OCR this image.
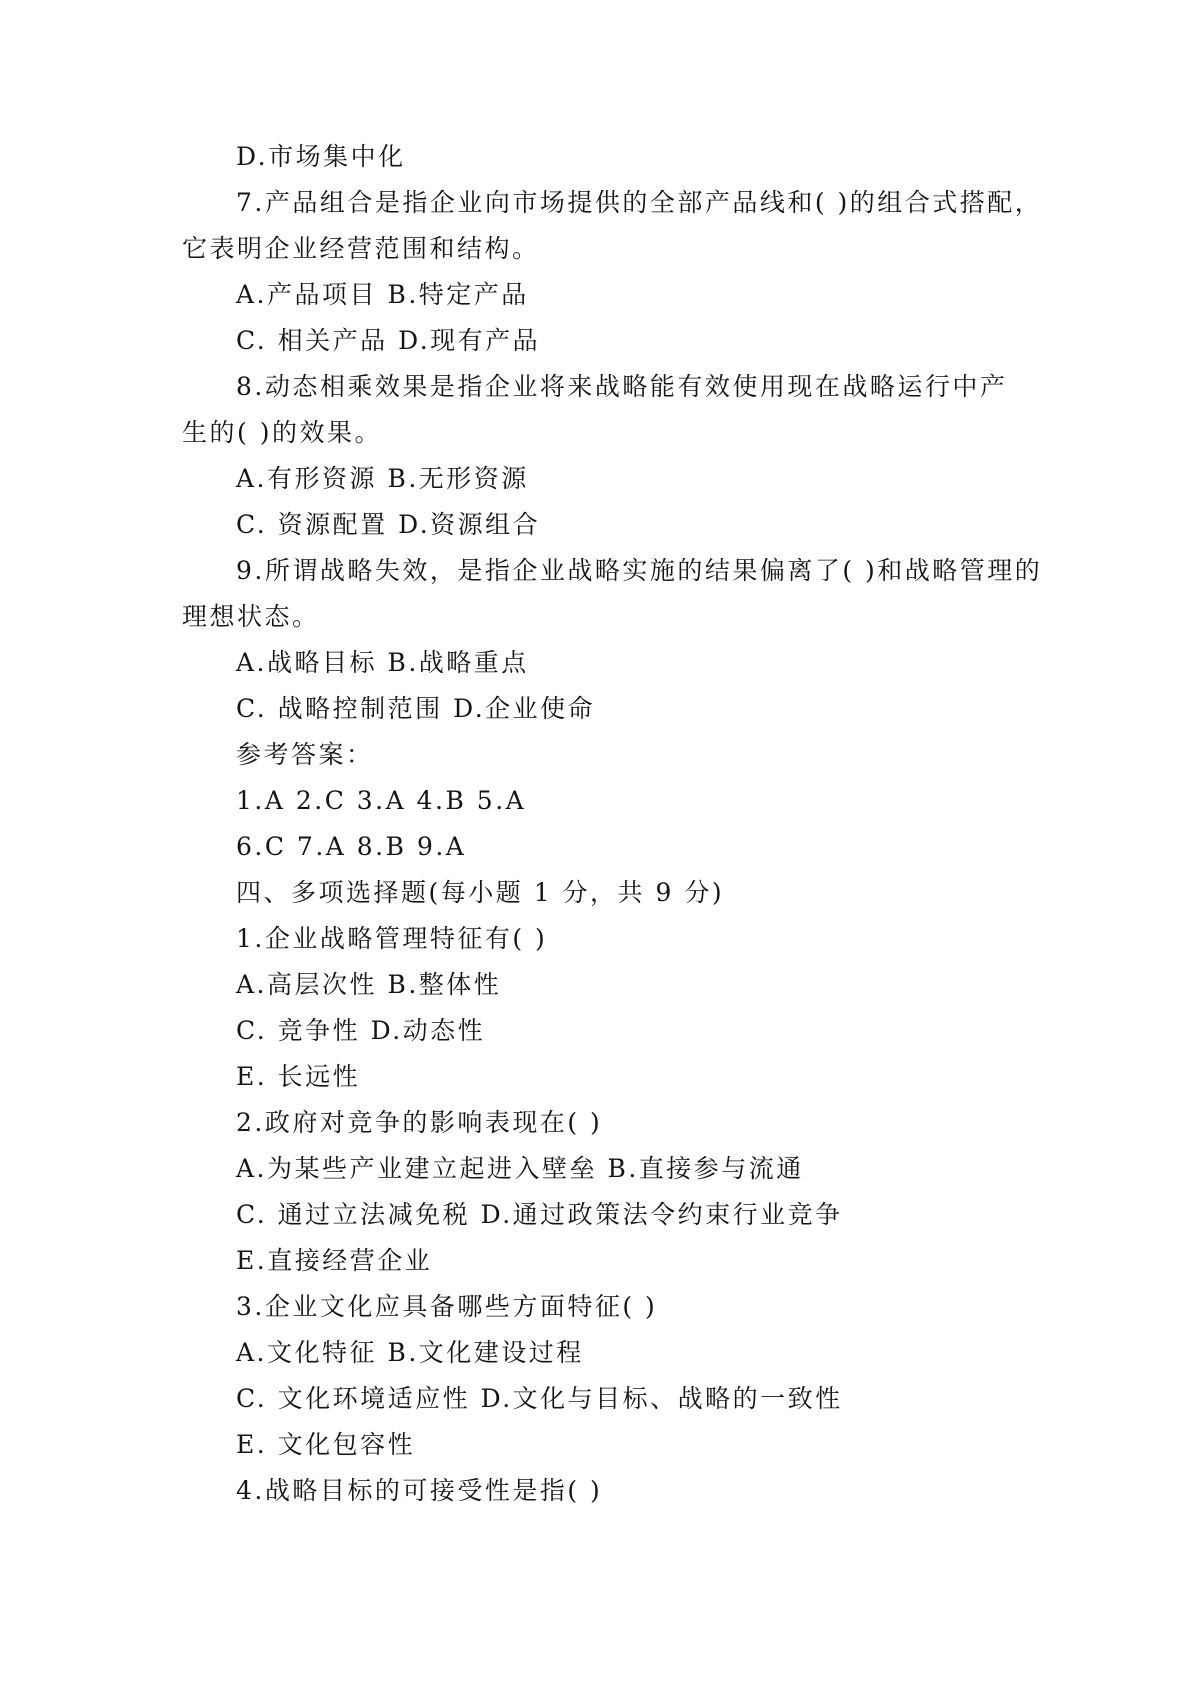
D.市场集中化
7.产品组合是指企业向市场提供的全部产品线和( )的组合式搭配，
它表明企业经营范围和结构。
A.产品项目 B.特定产品
C. 相关产品 D.现有产品
8.动态相乘效果是指企业将来战略能有效使用现在战略运行中产
生的( )的效果。
A.有形资源 B.无形资源
C. 资源配置 D.资源组合
9.所谓战略失效，是指企业战略实施的结果偏离了( )和战略管理的
理想状态。
A.战略目标 B.战略重点
C. 战略控制范围 D.企业使命
参考答案：
1.A 2.C 3.A 4.B 5.A
6.C 7.A 8.B 9.A
四、多项选择题(每小题 1 分，共 9 分)
1.企业战略管理特征有( )
A.高层次性 B.整体性
C. 竞争性 D.动态性
E. 长远性
2.政府对竞争的影响表现在( )
A.为某些产业建立起进入壁垒 B.直接参与流通
C. 通过立法减免税 D.通过政策法令约束行业竞争
E.直接经营企业
3.企业文化应具备哪些方面特征( )
A.文化特征 B.文化建设过程
C. 文化环境适应性 D.文化与目标、战略的一致性
E. 文化包容性
4.战略目标的可接受性是指( )
